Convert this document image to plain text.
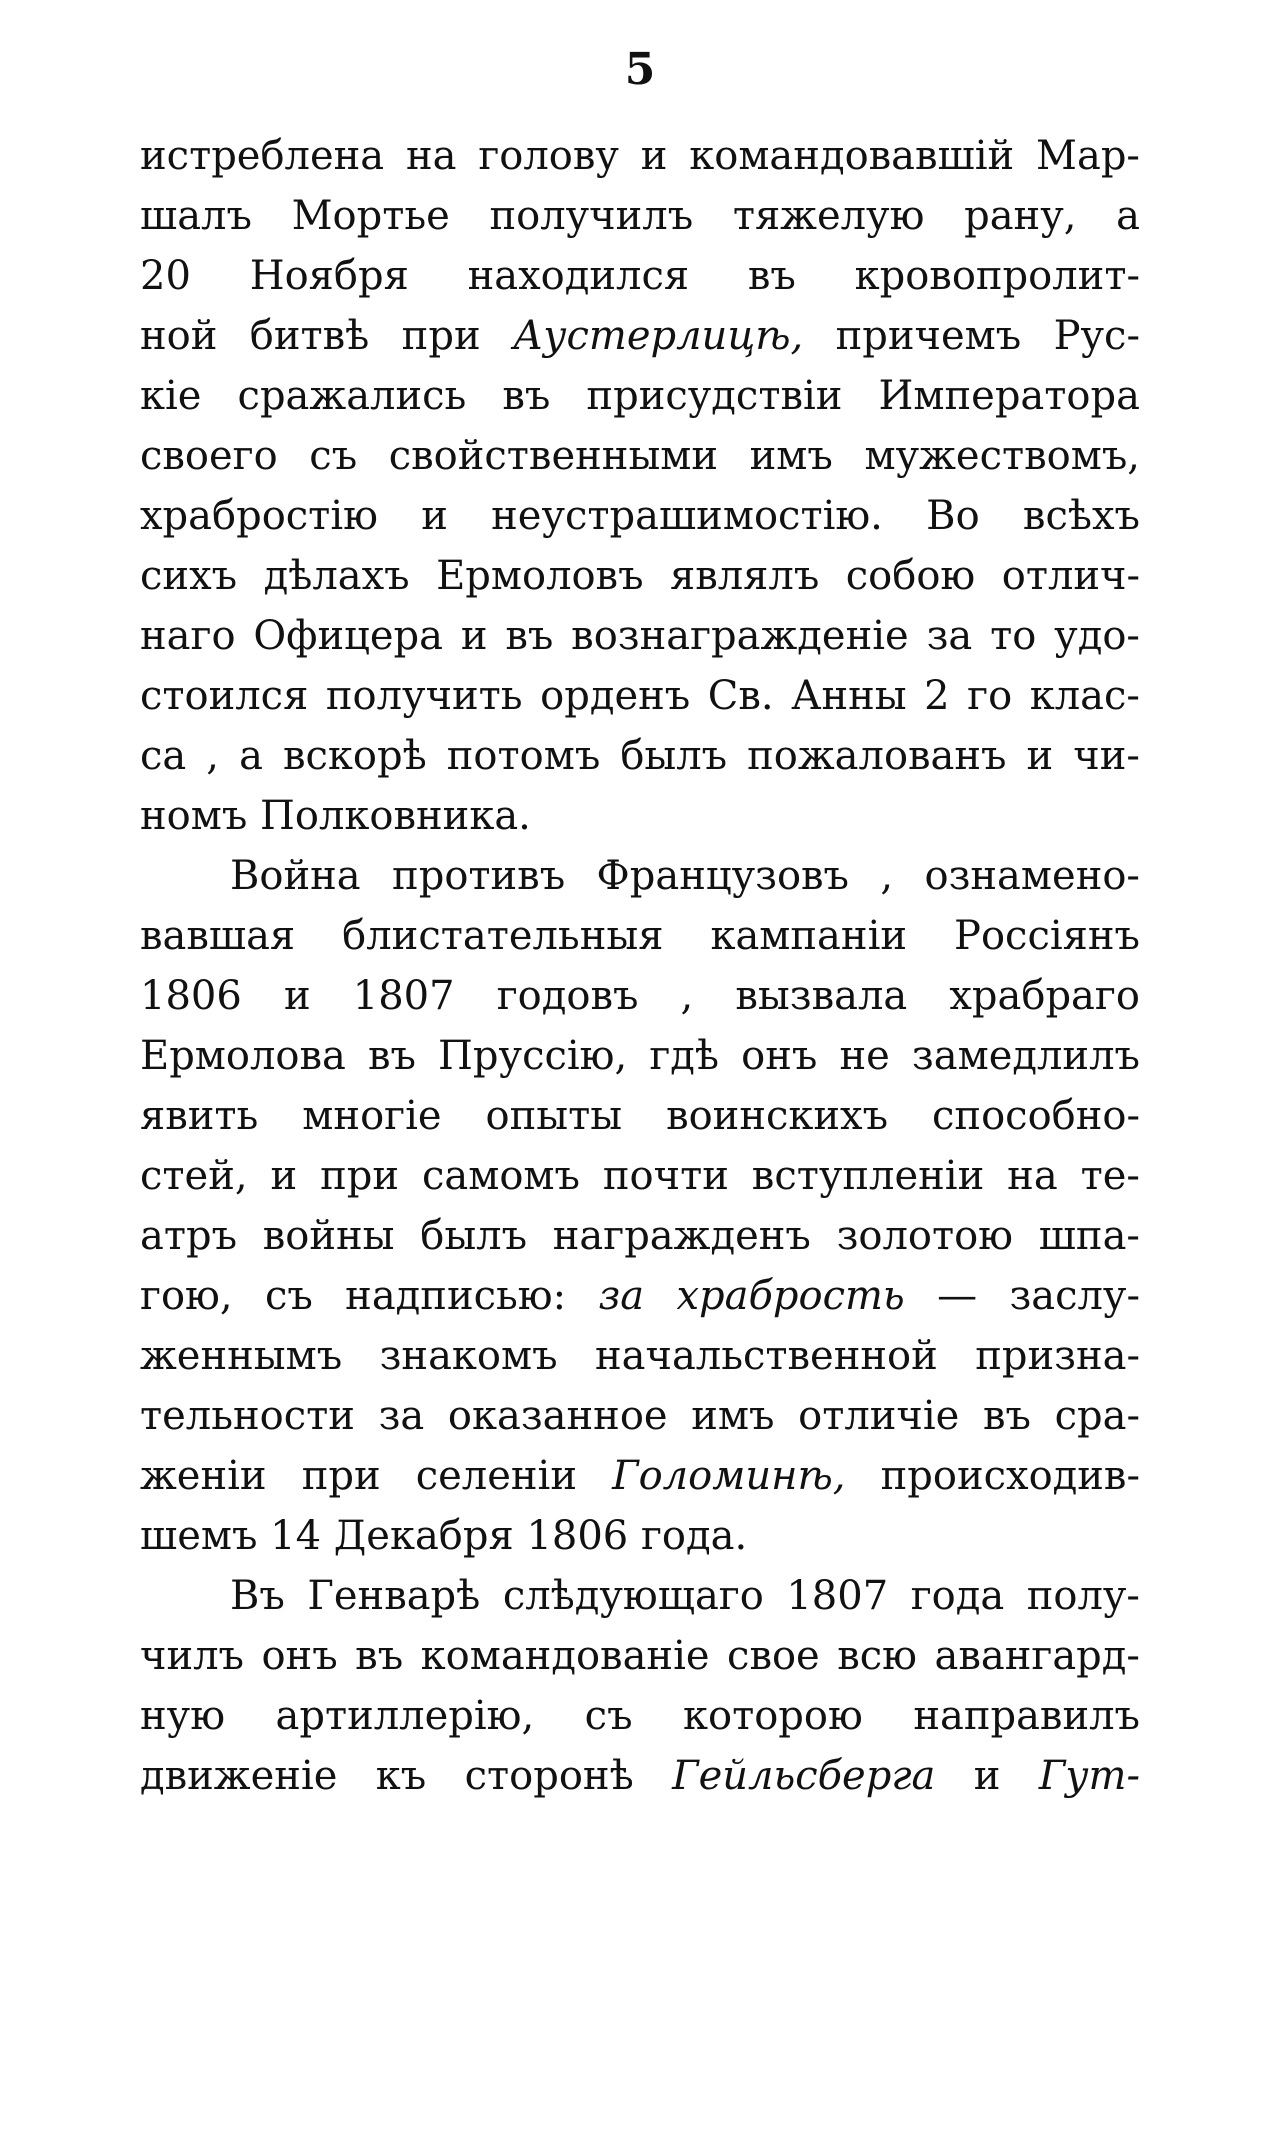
5
истреблена на голову и командовавшій Мар-
шалъ Мортье получилъ тяжелую рану, а
20 Ноября находился въ кровопролит-
ной битвѣ при Аустерлицѣ, причемъ Рус-
кіе сражались въ присудствіи Императора
своего съ свойственными имъ мужествомъ,
храбростію и неустрашимостію. Во всѣхъ
сихъ дѣлахъ Ермоловъ являлъ собою отлич-
наго Офицера и въ вознагражденіе за то удо-
стоился получить орденъ Св. Анны 2 го клас-
са , а вскорѣ потомъ былъ пожалованъ и чи-
номъ
Полковника.
Война противъ Французовъ , ознамено-
вавшая блистательныя кампаніи Россіянъ
1806 и 1807 годовъ , вызвала храбраго
Ермолова въ Пруссію, гдѣ онъ не замедлилъ
явить многіе опыты воинскихъ способно-
стей, и при самомъ почти вступленіи на те-
атръ войны былъ награжденъ золотою шпа-
гою, съ надписью: за храбрость — заслу-
женнымъ знакомъ начальственной призна-
тельности за оказанное имъ отличіе въ сра-
женіи при селеніи Голоминѣ, происходив-
шемъ
14
Декабря
1806
года.
Въ Генварѣ слѣдующаго 1807 года полу-
чилъ онъ въ командованіе свое всю авангард-
ную артиллерію, съ которою направилъ
движеніе къ сторонѣ Гейльсберга и Гут-
